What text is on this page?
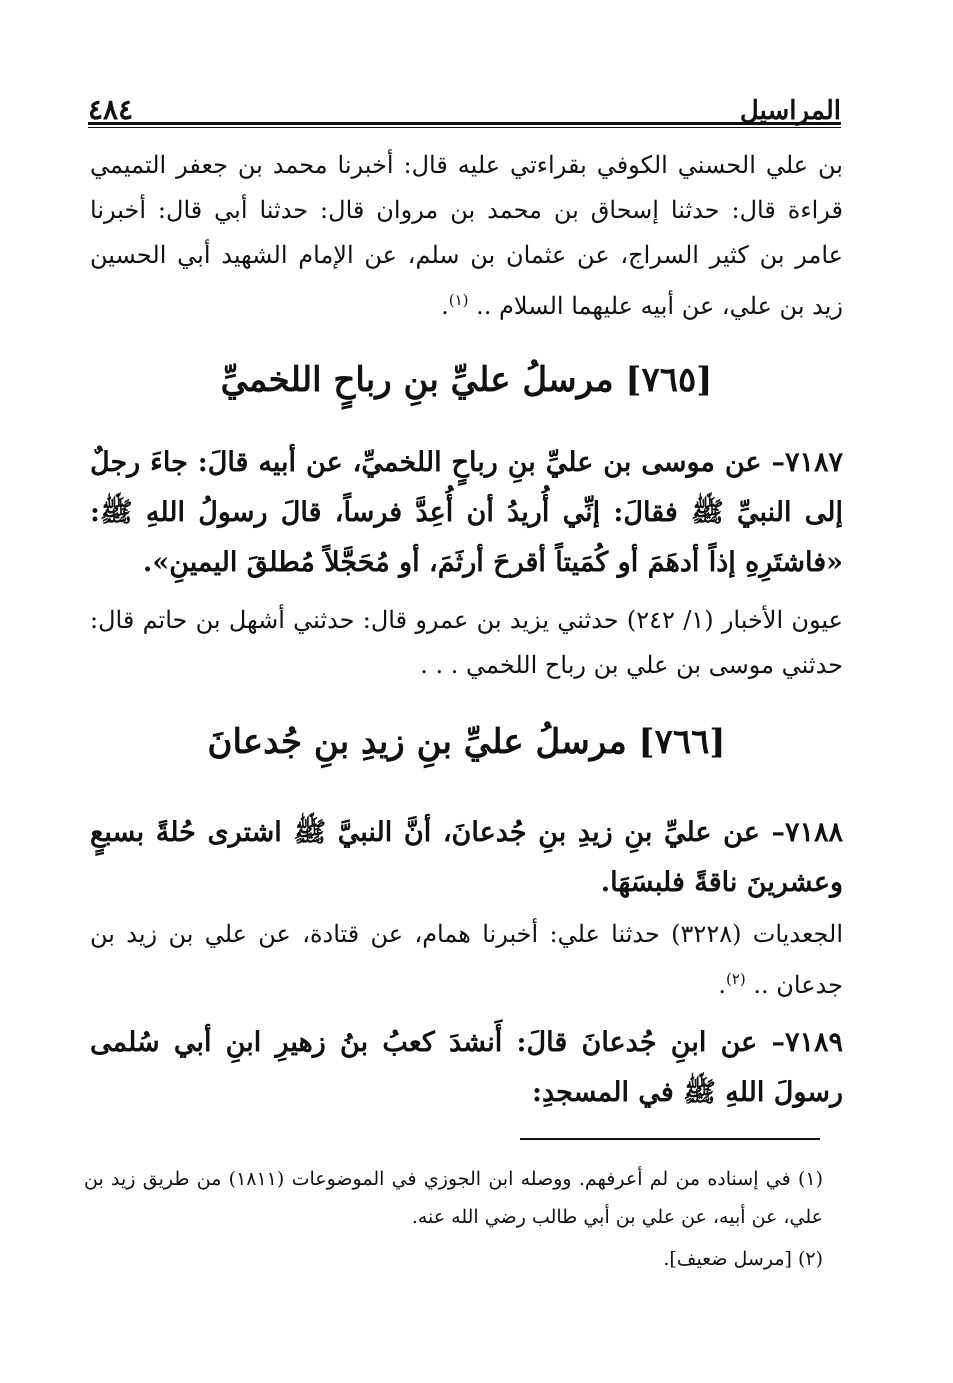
المراسيل
٤٨٤
بن علي الحسني الكوفي بقراءتي عليه قال: أخبرنا محمد بن جعفر التميمي قراءة قال: حدثنا إسحاق بن محمد بن مروان قال: حدثنا أبي قال: أخبرنا عامر بن كثير السراج، عن عثمان بن سلم، عن الإمام الشهيد أبي الحسين زيد بن علي، عن أبيه عليهما السلام .. $^{(١)}$.
[٧٦٥] مرسلُ عليِّ بنِ رباحٍ اللخميِّ
٧١٨٧– عن موسى بن عليِّ بنِ رباحٍ اللخميِّ، عن أبيه قالَ: جاءَ رجلٌ إلى النبيِّ ﷺ فقالَ: إنِّي أُريدُ أن أُعِدَّ فرساً، قالَ رسولُ اللهِ ﷺ: «فاشتَرِهِ إذاً أدهَمَ أو كُمَيتاً أقرحَ أرثَمَ، أو مُحَجَّلاً مُطلقَ اليمينِ».
عيون الأخبار (١/ ٢٤٢) حدثني يزيد بن عمرو قال: حدثني أشهل بن حاتم قال: حدثني موسى بن علي بن رباح اللخمي . . .
[٧٦٦] مرسلُ عليِّ بنِ زيدِ بنِ جُدعانَ
٧١٨٨– عن عليِّ بنِ زيدِ بنِ جُدعانَ، أنَّ النبيَّ ﷺ اشترى حُلةً بسبعٍ وعشرينَ ناقةً فلبسَهَا.
الجعديات (٣٢٢٨) حدثنا علي: أخبرنا همام، عن قتادة، عن علي بن زيد بن جدعان .. $^{(٢)}$.
٧١٨٩– عن ابنِ جُدعانَ قالَ: أَنشدَ كعبُ بنُ زهيرِ ابنِ أبي سُلمى رسولَ اللهِ ﷺ في المسجدِ:
(١) في إسناده من لم أعرفهم. ووصله ابن الجوزي في الموضوعات (١٨١١) من طريق زيد بن علي، عن أبيه، عن علي بن أبي طالب رضي الله عنه.
(٢) [مرسل ضعيف].
